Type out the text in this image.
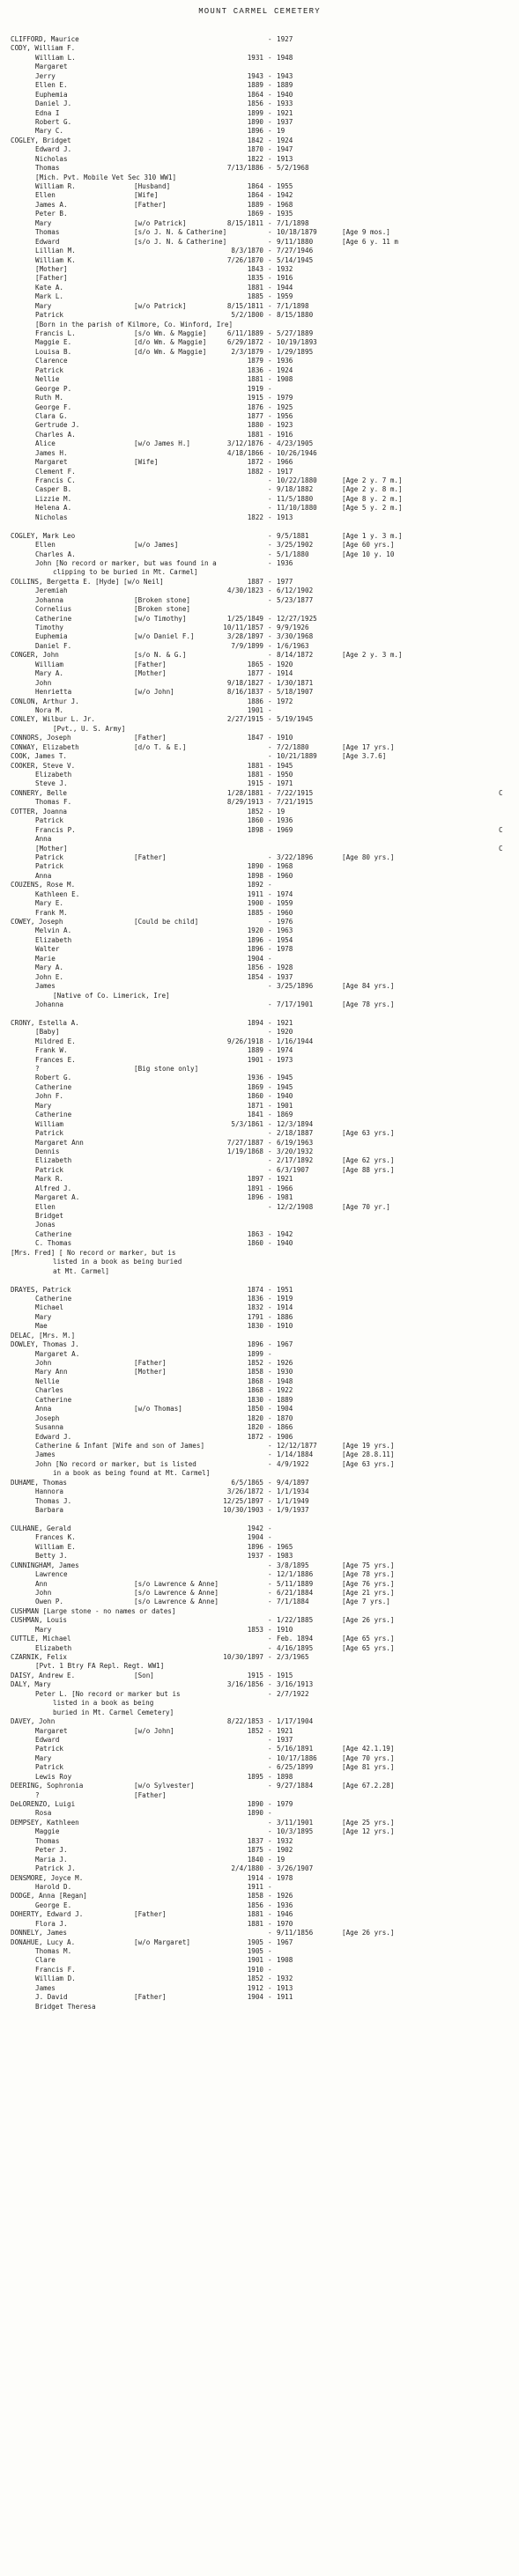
MOUNT CARMEL CEMETERY
CLIFFORD, Maurice	- 1927
CODY, William F.
William L.	1931 - 1948
Margaret
Jerry	1943 - 1943
Ellen E.	1889 - 1889
Euphemia	1864 - 1940
Daniel J.	1856 - 1933
Edna I	1899 - 1921
Robert G.	1890 - 1937
Mary C.	1896 - 19
COGLEY, Bridget	1842 - 1924
Edward J.	1870 - 1947
Nicholas	1822 - 1913
Thomas	7/13/1886 - 5/2/1968
[Mich. Pvt. Mobile Vet Sec 310 WW1]
William R.	[Husband]	1864 - 1955
Ellen	[Wife]	1864 - 1942
James A.	[Father]	1889 - 1968
Peter B.	1869 - 1935
Mary	[w/o Patrick]	8/15/1811 - 7/1/1898
Thomas	[s/o J. N. & Catherine]	- 10/18/1879	[Age 9 mos.]
Edward	[s/o J. N. & Catherine]	- 9/11/1880	[Age 6 y. 11 m
Lillian M.	8/3/1870 - 7/27/1946
William K.	7/26/1870 - 5/14/1945
[Mother]	1843 - 1932
[Father]	1835 - 1916
Kate A.	1881 - 1944
Mark L.	1885 - 1959
Mary	[w/o Patrick]	8/15/1811 - 7/1/1898
Patrick	5/2/1800 - 8/15/1880
[Born in the parish of Kilmore, Co. Winford, Ire]
Francis L.	[s/o Wm. & Maggie]	6/11/1889 - 5/27/1889
Maggie E.	[d/o Wm. & Maggie]	6/29/1872 - 10/19/1893
Louisa B.	[d/o Wm. & Maggie]	2/3/1879 - 1/29/1895
Clarence	1879 - 1936
Patrick	1836 - 1924
Nellie	1881 - 1908
George P.	1919 -
Ruth M.	1915 - 1979
George F.	1876 - 1925
Clara G.	1877 - 1956
Gertrude J.	1880 - 1923
Charles A.	1881 - 1916
Alice	[w/o James H.]	3/12/1876 - 4/23/1905
James H.	4/18/1866 - 10/26/1946
Margaret	[Wife]	1872 - 1966
Clement F.	1882 - 1917
Francis C.	- 10/22/1880	[Age 2 y. 7 m.]
Casper B.	- 9/18/1882	[Age 2 y. 8 m.]
Lizzie M.	- 11/5/1880	[Age 8 y. 2 m.]
Helena A.	- 11/10/1880	[Age 5 y. 2 m.]
Nicholas	1822 - 1913
COGLEY, Mark Leo	- 9/5/1881	[Age 1 y. 3 m.]
Ellen	[w/o James]	- 3/25/1902	[Age 60 yrs.]
Charles A.	- 5/1/1880	[Age 10 y. 10
John [No record or marker, but was found in a	- 1936
clipping to be buried in Mt. Carmel]
COLLINS, Bergetta E. [Hyde] [w/o Neil]	1887 - 1977
Jeremiah	4/30/1823 - 6/12/1902
Johanna	[Broken stone]	- 5/23/1877
Cornelius	[Broken stone]
Catherine	[w/o Timothy]	1/25/1849 - 12/27/1925
Timothy	10/11/1857 - 9/9/1926
Euphemia	[w/o Daniel F.]	3/28/1897 - 3/30/1968
Daniel F.	7/9/1899 - 1/6/1963
CONGER, John	[s/o N. & G.]	- 8/14/1872	[Age 2 y. 3 m.]
William	[Father]	1865 - 1920
Mary A.	[Mother]	1877 - 1914
John	9/18/1827 - 1/30/1871
Henrietta	[w/o John]	8/16/1837 - 5/18/1907
CONLON, Arthur J.	1886 - 1972
Nora M.	1901 -
CONLEY, Wilbur L. Jr.	2/27/1915 - 5/19/1945
[Pvt., U. S. Army]
CONNORS, Joseph	[Father]	1847 - 1910
CONWAY, Elizabeth	[d/o T. & E.]	- 7/2/1880	[Age 17 yrs.]
COOK, James T.	- 10/21/1889	[Age 3.7.6]
COOKER, Steve V.	1881 - 1945
Elizabeth	1881 - 1950
Steve J.	1915 - 1971
CONNERY, Belle	1/28/1881 - 7/22/1915	C
Thomas F.	8/29/1913 - 7/21/1915
COTTER, Joanna	1852 - 19
Patrick	1860 - 1936
Francis P.	1898 - 1969	C
Anna
[Mother]	C
Patrick	[Father]	- 3/22/1896	[Age 80 yrs.]
Patrick	1890 - 1968
Anna	1898 - 1960
COUZENS, Rose M.	1892 -
Kathleen E.	1911 - 1974
Mary E.	1900 - 1959
Frank M.	1885 - 1960
COWEY, Joseph	[Could be child]	- 1976
Melvin A.	1920 - 1963
Elizabeth	1896 - 1954
Walter	1896 - 1978
Marie	1904 -
Mary A.	1856 - 1928
John E.	1854 - 1937
James	- 3/25/1896	[Age 84 yrs.]
[Native of Co. Limerick, Ire]
Johanna	- 7/17/1901	[Age 78 yrs.]
CRONY, Estella A.	1894 - 1921
[Baby]	- 1920
Mildred E.	9/26/1918 - 1/16/1944
Frank W.	1889 - 1974
Frances E.	1901 - 1973
?	[Big stone only]
Robert G.	1936 - 1945
Catherine	1869 - 1945
John F.	1860 - 1940
Mary	1871 - 1901
Catherine	1841 - 1869
William	5/3/1861 - 12/3/1894
Patrick	- 2/18/1887	[Age 63 yrs.]
Margaret Ann	7/27/1887 - 6/19/1963
Dennis	1/19/1868 - 3/20/1932
Elizabeth	- 2/17/1892	[Age 62 yrs.]
Patrick	- 6/3/1907	[Age 88 yrs.]
Mark R.	1897 - 1921
Alfred J.	1891 - 1966
Margaret A.	1896 - 1981
Ellen	- 12/2/1908	[Age 70 yr.]
Bridget
Jonas
Catherine	1863 - 1942
C. Thomas	1860 - 1940
[Mrs. Fred] [ No record or marker, but is
listed in a book as being buried
at Mt. Carmel]
DRAYES, Patrick	1874 - 1951
Catherine	1836 - 1919
Michael	1832 - 1914
Mary	1791 - 1886
Mae	1830 - 1910
DELAC, [Mrs. M.]
DOWLEY, Thomas J.	1896 - 1967
Margaret A.	1899 -
John	[Father]	1852 - 1926
Mary Ann	[Mother]	1858 - 1930
Nellie	1868 - 1948
Charles	1868 - 1922
Catherine	1830 - 1889
Anna	[w/o Thomas]	1850 - 1904
Joseph	1820 - 1870
Susanna	1820 - 1866
Edward J.	1872 - 1906
Catherine & Infant [Wife and son of James]	- 12/12/1877	[Age 19 yrs.]
James	- 1/14/1884	[Age 28.8.11]
John [No record or marker, but is listed	- 4/9/1922	[Age 63 yrs.]
in a book as being found at Mt. Carmel]
DUHAME, Thomas	6/5/1865 - 9/4/1897
Hannora	3/26/1872 - 1/1/1934
Thomas J.	12/25/1897 - 1/1/1949
Barbara	10/30/1903 - 1/9/1937
CULHANE, Gerald	1942 -
Frances K.	1904 -
William E.	1896 - 1965
Betty J.	1937 - 1983
CUNNINGHAM, James	- 3/8/1895	[Age 75 yrs.]
Lawrence	- 12/1/1886	[Age 78 yrs.]
Ann	[s/o Lawrence & Anne]	- 5/11/1889	[Age 76 yrs.]
John	[s/o Lawrence & Anne]	- 6/21/1884	[Age 21 yrs.]
Owen P.	[s/o Lawrence & Anne]	- 7/1/1884	[Age 7 yrs.]
CUSHMAN [Large stone - no names or dates]
CUSHMAN, Louis	- 1/22/1885	[Age 26 yrs.]
Mary	1853 - 1910
CUTTLE, Michael	- Feb. 1894	[Age 65 yrs.]
Elizabeth	- 4/16/1895	[Age 65 yrs.]
CZARNIK, Felix	10/30/1897 - 2/3/1965
[Pvt. 1 Btry FA Repl. Regt. WW1]
DAISY, Andrew E.	[Son]	1915 - 1915
DALY, Mary	3/16/1856 - 3/16/1913
Peter L. [No record or marker but is	- 2/7/1922
listed in a book as being
buried in Mt. Carmel Cemetery]
DAVEY, John	8/22/1853 - 1/17/1904
Margaret	[w/o John]	1852 - 1921
Edward	- 1937
Patrick	- 5/16/1891	[Age 42.1.19]
Mary	- 10/17/1886	[Age 70 yrs.]
Patrick	- 6/25/1899	[Age 81 yrs.]
Lewis Roy	1895 - 1898
DEERING, Sophronia	[w/o Sylvester]	- 9/27/1884	[Age 67.2.28]
?	[Father]
DeLORENZO, Luigi	1890 - 1979
Rosa	1890 -
DEMPSEY, Kathleen	- 3/11/1901	[Age 25 yrs.]
Maggie	- 10/3/1895	[Age 12 yrs.]
Thomas	1837 - 1932
Peter J.	1875 - 1902
Maria J.	1840 - 19
Patrick J.	2/4/1880 - 3/26/1907
DENSMORE, Joyce M.	1914 - 1978
Harold D.	1911 -
DODGE, Anna [Regan]	1858 - 1926
George E.	1856 - 1936
DOHERTY, Edward J.	[Father]	1881 - 1946
Flora J.	1881 - 1970
DONNELY, James	- 9/11/1856	[Age 26 yrs.]
DONAHUE, Lucy A.	[w/o Margaret]	1905 - 1967
Thomas M.	1905 -
Clare	1901 - 1908
Francis F.	1910 -
William D.	1852 - 1932
James	1912 - 1913
J. David	[Father]	1904 - 1911
Bridget Theresa
